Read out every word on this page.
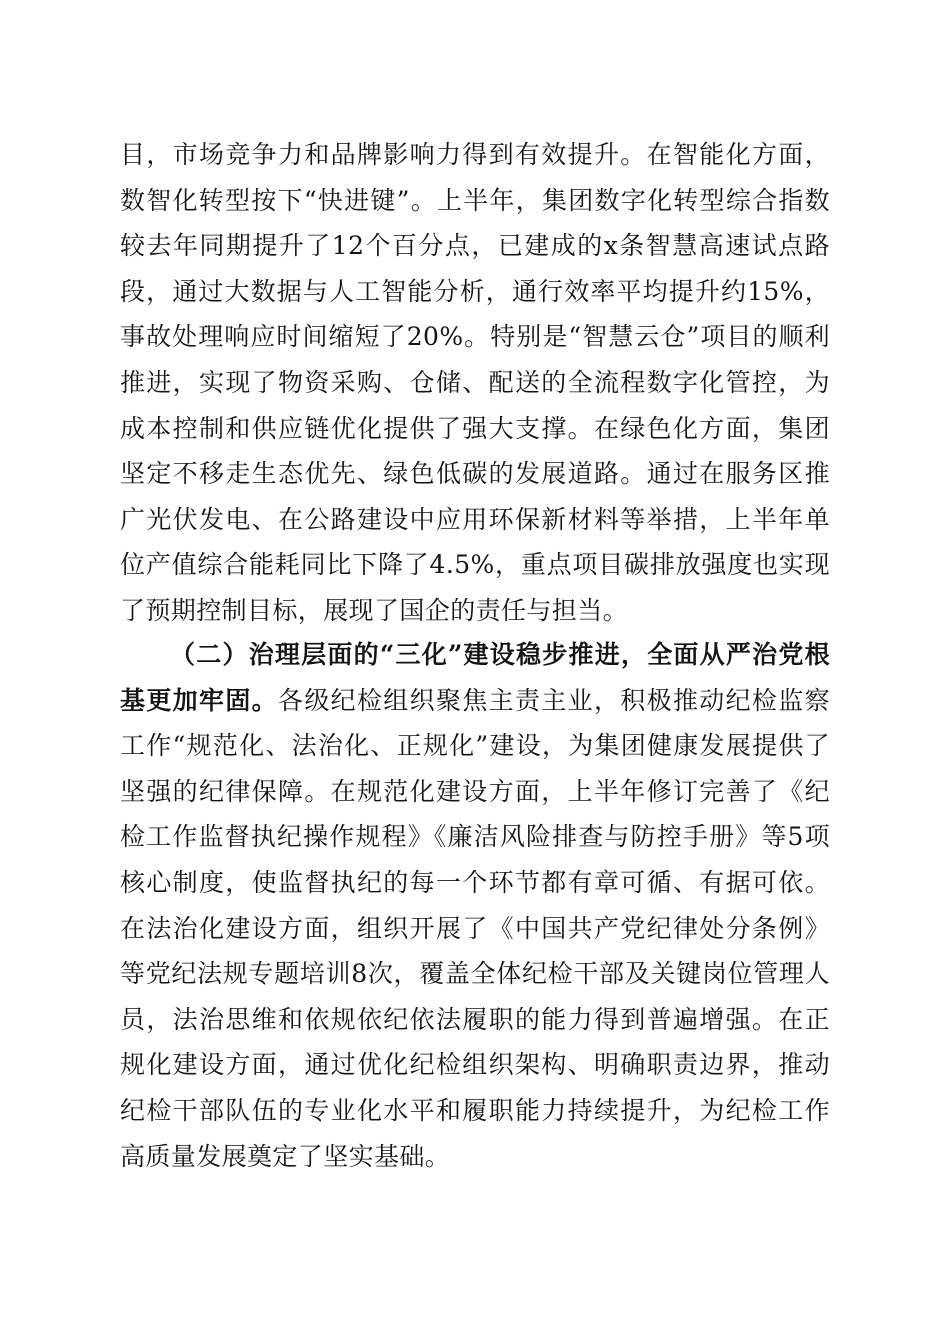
目，市场竞争力和品牌影响力得到有效提升。在智能化方面，数智化转型按下“快进键”。上半年，集团数字化转型综合指数较去年同期提升了12个百分点，已建成的x条智慧高速试点路段，通过大数据与人工智能分析，通行效率平均提升约15%，事故处理响应时间缩短了20%。特别是“智慧云仓”项目的顺利推进，实现了物资采购、仓储、配送的全流程数字化管控，为成本控制和供应链优化提供了强大支撑。在绿色化方面，集团坚定不移走生态优先、绿色低碳的发展道路。通过在服务区推广光伏发电、在公路建设中应用环保新材料等举措，上半年单位产值综合能耗同比下降了4.5%，重点项目碳排放强度也实现了预期控制目标，展现了国企的责任与担当。

（二）治理层面的“三化”建设稳步推进，全面从严治党根基更加牢固。各级纪检组织聚焦主责主业，积极推动纪检监察工作“规范化、法治化、正规化”建设，为集团健康发展提供了坚强的纪律保障。在规范化建设方面，上半年修订完善了《纪检工作监督执纪操作规程》《廉洁风险排查与防控手册》等5项核心制度，使监督执纪的每一个环节都有章可循、有据可依。在法治化建设方面，组织开展了《中国共产党纪律处分条例》等党纪法规专题培训8次，覆盖全体纪检干部及关键岗位管理人员，法治思维和依规依纪依法履职的能力得到普遍增强。在正规化建设方面，通过优化纪检组织架构、明确职责边界，推动纪检干部队伍的专业化水平和履职能力持续提升，为纪检工作高质量发展奠定了坚实基础。
